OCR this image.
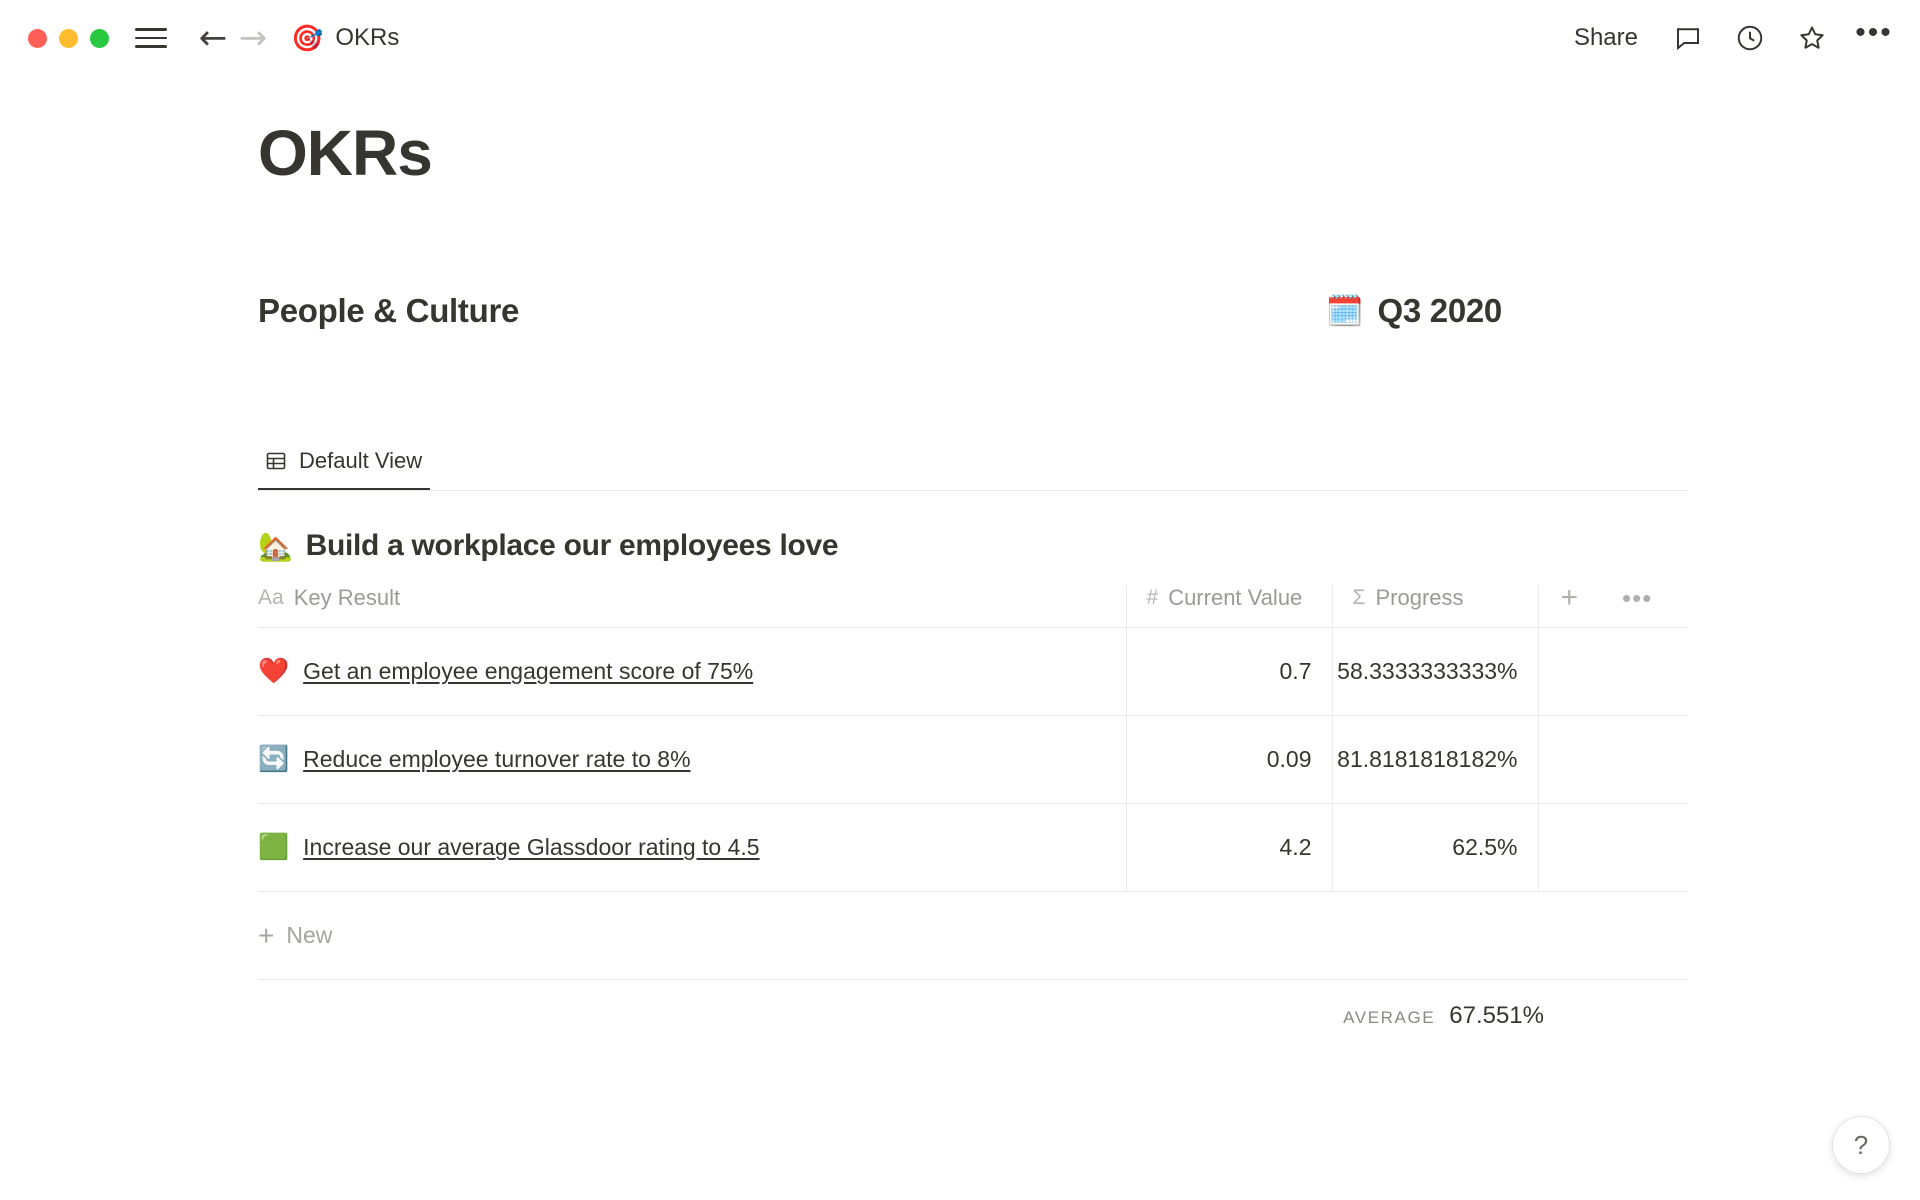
← → 🎯 OKRs	Share	•••
OKRs
People & Culture	🗓️ Q3 2020
Default View
🏡 Build a workplace our employees love
Aa Key Result	# Current Value	Σ Progress	+ •••	

❤️ Get an employee engagement score of 75%	0.7	58.3333333333%		

🔄 Reduce employee turnover rate to 8%	0.09	81.8181818182%		

🟩 Increase our average Glassdoor rating to 4.5	4.2	62.5%		

+ New				
AVERAGE 67.551%
?
